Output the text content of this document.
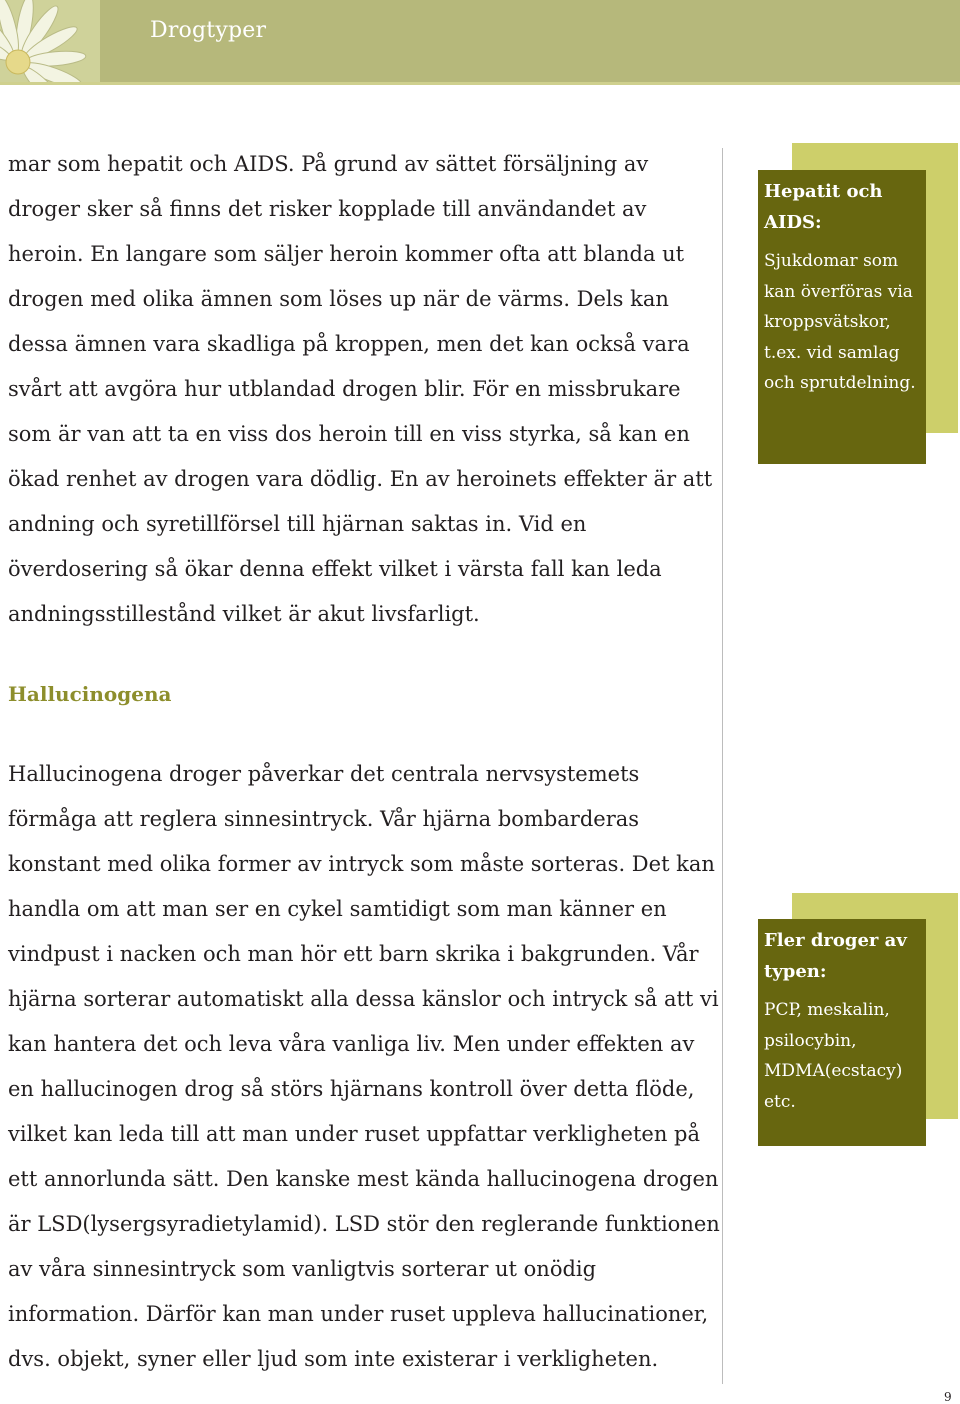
Drogtyper

mar som hepatit och AIDS. På grund av sättet försäljning av droger sker så finns det risker kopplade till användandet av heroin. En langare som säljer heroin kommer ofta att blanda ut drogen med olika ämnen som löses up när de värms. Dels kan dessa ämnen vara skadliga på kroppen, men det kan också vara svårt att avgöra hur utblandad drogen blir. För en missbrukare som är van att ta en viss dos heroin till en viss styrka, så kan en ökad renhet av drogen vara dödlig. En av heroinets effekter är att andning och syretillförsel till hjärnan saktas in. Vid en överdosering så ökar denna effekt vilket i värsta fall kan leda andningsstillestånd vilket är akut livsfarligt.

Hallucinogena

Hallucinogena droger påverkar det centrala nervsystemets förmåga att reglera sinnesintryck. Vår hjärna bombarderas konstant med olika former av intryck som måste sorteras. Det kan handla om att man ser en cykel samtidigt som man känner en vindpust i nacken och man hör ett barn skrika i bakgrunden. Vår hjärna sorterar automatiskt alla dessa känslor och intryck så att vi kan hantera det och leva våra vanliga liv. Men under effekten av en hallucinogen drog så störs hjärnans kontroll över detta flöde, vilket kan leda till att man under ruset uppfattar verkligheten på ett annorlunda sätt. Den kanske mest kända hallucinogena drogen är LSD(lysergsyradietylamid). LSD stör den reglerande funktionen av våra sinnesintryck som vanligtvis sorterar ut onödig information. Därför kan man under ruset uppleva hallucinationer, dvs. objekt, syner eller ljud som inte existerar i verkligheten.

Hepatit och AIDS:

Sjukdomar som kan överföras via kroppsvätskor, t.ex. vid samlag och sprutdelning.

Fler droger av typen:

PCP, meskalin, psilocybin, MDMA(ecstacy) etc.

9
